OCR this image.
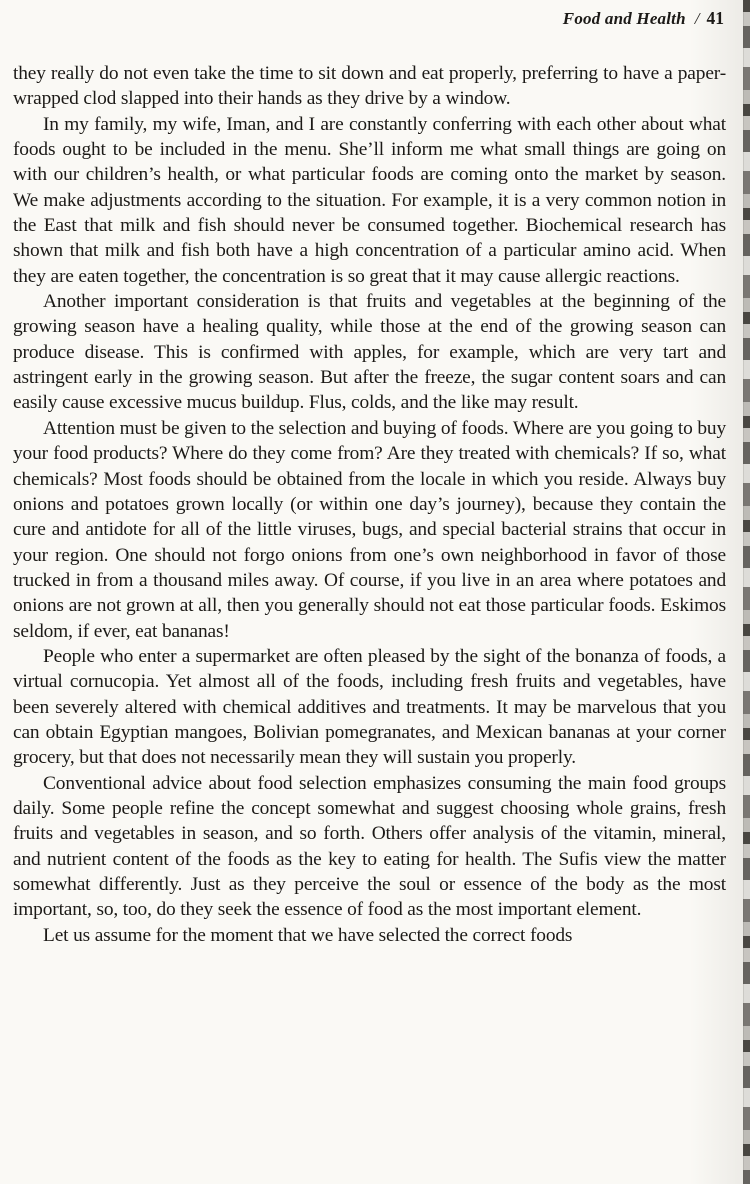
Food and Health / 41

they really do not even take the time to sit down and eat properly, preferring to have a paper-wrapped clod slapped into their hands as they drive by a window.

In my family, my wife, Iman, and I are constantly conferring with each other about what foods ought to be included in the menu. She’ll inform me what small things are going on with our children’s health, or what particular foods are coming onto the market by season. We make adjustments according to the situation. For example, it is a very common notion in the East that milk and fish should never be consumed together. Biochemical research has shown that milk and fish both have a high concentration of a particular amino acid. When they are eaten together, the concentration is so great that it may cause allergic reactions.

Another important consideration is that fruits and vegetables at the beginning of the growing season have a healing quality, while those at the end of the growing season can produce disease. This is confirmed with apples, for example, which are very tart and astringent early in the growing season. But after the freeze, the sugar content soars and can easily cause excessive mucus buildup. Flus, colds, and the like may result.

Attention must be given to the selection and buying of foods. Where are you going to buy your food products? Where do they come from? Are they treated with chemicals? If so, what chemicals? Most foods should be obtained from the locale in which you reside. Always buy onions and potatoes grown locally (or within one day’s journey), because they contain the cure and antidote for all of the little viruses, bugs, and special bacterial strains that occur in your region. One should not forgo onions from one’s own neighborhood in favor of those trucked in from a thousand miles away. Of course, if you live in an area where potatoes and onions are not grown at all, then you generally should not eat those particular foods. Eskimos seldom, if ever, eat bananas!

People who enter a supermarket are often pleased by the sight of the bonanza of foods, a virtual cornucopia. Yet almost all of the foods, including fresh fruits and vegetables, have been severely altered with chemical additives and treatments. It may be marvelous that you can obtain Egyptian mangoes, Bolivian pomegranates, and Mexican bananas at your corner grocery, but that does not necessarily mean they will sustain you properly.

Conventional advice about food selection emphasizes consuming the main food groups daily. Some people refine the concept somewhat and suggest choosing whole grains, fresh fruits and vegetables in season, and so forth. Others offer analysis of the vitamin, mineral, and nutrient content of the foods as the key to eating for health. The Sufis view the matter somewhat differently. Just as they perceive the soul or essence of the body as the most important, so, too, do they seek the essence of food as the most important element.

Let us assume for the moment that we have selected the correct foods
